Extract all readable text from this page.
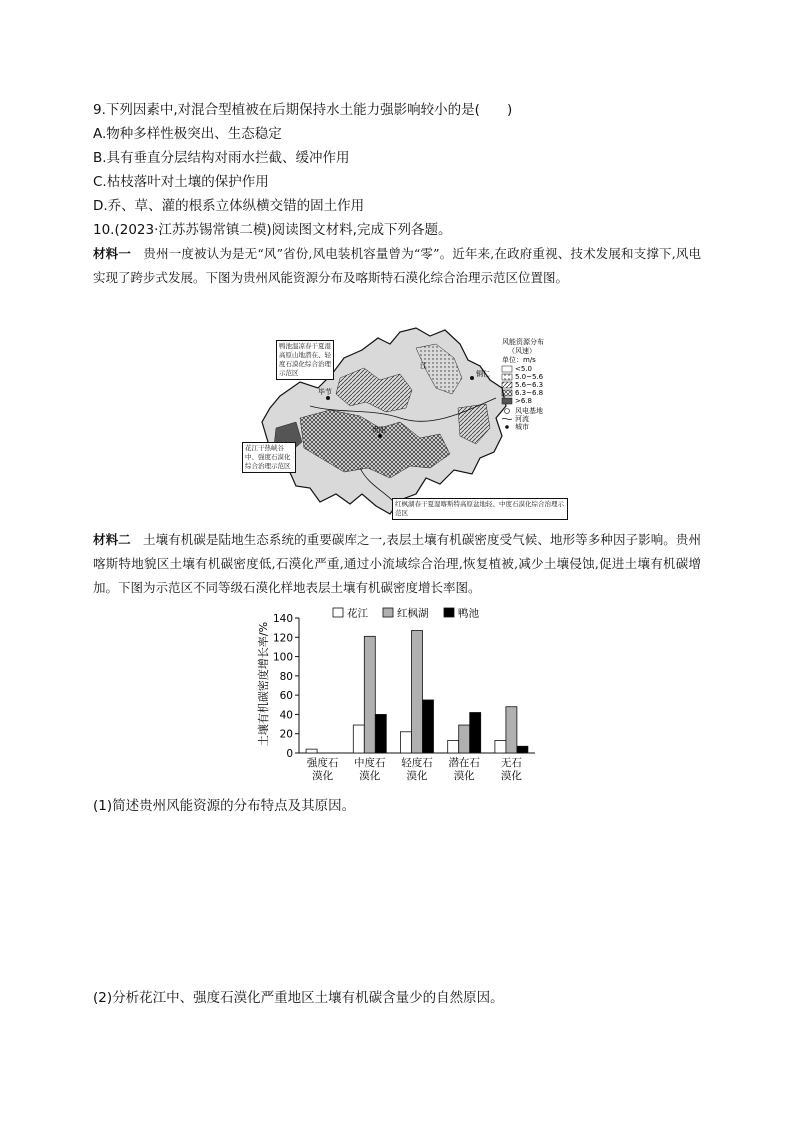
9.下列因素中,对混合型植被在后期保持水土能力强影响较小的是(　　)
A.物种多样性极突出、生态稳定
B.具有垂直分层结构对雨水拦截、缓冲作用
C.枯枝落叶对土壤的保护作用
D.乔、草、灌的根系立体纵横交错的固土作用
10.(2023·江苏苏锡常镇二模)阅读图文材料,完成下列各题。
材料一 贵州一度被认为是无“风”省份,风电装机容量曾为“零”。近年来,在政府重视、技术发展和支撑下,风电实现了跨步式发展。下图为贵州风能资源分布及喀斯特石漠化综合治理示范区位置图。
贵阳
毕节
铜仁
江
风能资源分布
（风速）
单位：m/s
<5.0
5.0~5.6
5.6~6.3
6.3~6.8
>6.8
风电基地
河流
城市
鸭池温凉春干夏湿高原山地潜在、轻度石漠化综合治理示范区
花江干热峡谷中、强度石漠化综合治理示范区
红枫湖春干夏湿喀斯特高原盆地轻、中度石漠化综合治理示范区
材料二 土壤有机碳是陆地生态系统的重要碳库之一,表层土壤有机碳密度受气候、地形等多种因子影响。贵州喀斯特地貌区土壤有机碳密度低,石漠化严重,通过小流域综合治理,恢复植被,减少土壤侵蚀,促进土壤有机碳增加。下图为示范区不同等级石漠化样地表层土壤有机碳密度增长率图。
土壤有机碳密度增长率/%
0
20
40
60
80
100
120
140
强度石
漠化
中度石
漠化
轻度石
漠化
潜在石
漠化
无石
漠化
花江	红枫湖	鸭池
(1)简述贵州风能资源的分布特点及其原因。
(2)分析花江中、强度石漠化严重地区土壤有机碳含量少的自然原因。
